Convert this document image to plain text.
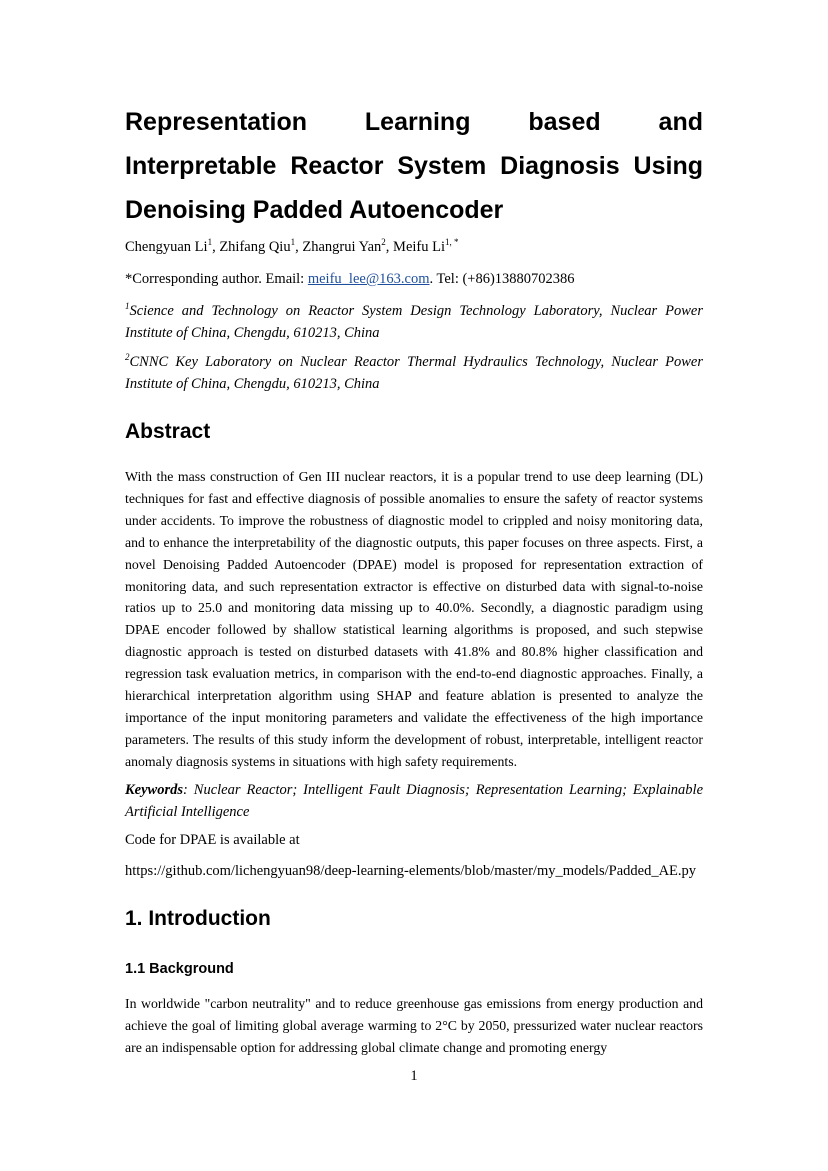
Representation Learning based and Interpretable Reactor System Diagnosis Using Denoising Padded Autoencoder
Chengyuan Li$^1$, Zhifang Qiu$^1$, Zhangrui Yan$^2$, Meifu $Li^{1, *}$
*Corresponding author. Email: meifu_lee@163.com. Tel: (+86)13880702386

$^1$Science and Technology on Reactor System Design Technology Laboratory, Nuclear Power Institute of China, Chengdu, 610213, China

$^2$CNNC Key Laboratory on Nuclear Reactor Thermal Hydraulics Technology, Nuclear Power Institute of China, Chengdu, 610213, China

Abstract

With the mass construction of Gen III nuclear reactors, it is a popular trend to use deep learning (DL) techniques for fast and effective diagnosis of possible anomalies to ensure the safety of reactor systems under accidents. To improve the robustness of diagnostic model to crippled and noisy monitoring data, and to enhance the interpretability of the diagnostic outputs, this paper focuses on three aspects. First, a novel Denoising Padded Autoencoder (DPAE) model is proposed for representation extraction of monitoring data, and such representation extractor is effective on disturbed data with signal-to-noise ratios up to 25.0 and monitoring data missing up to 40.0%. Secondly, a diagnostic paradigm using DPAE encoder followed by shallow statistical learning algorithms is proposed, and such stepwise diagnostic approach is tested on disturbed datasets with 41.8% and 80.8% higher classification and regression task evaluation metrics, in comparison with the end-to-end diagnostic approaches. Finally, a hierarchical interpretation algorithm using SHAP and feature ablation is presented to analyze the importance of the input monitoring parameters and validate the effectiveness of the high importance parameters. The results of this study inform the development of robust, interpretable, intelligent reactor anomaly diagnosis systems in situations with high safety requirements.

Keywords: Nuclear Reactor; Intelligent Fault Diagnosis; Representation Learning; Explainable Artificial Intelligence

Code for DPAE is available at
https://github.com/lichengyuan98/deep-learning-elements/blob/master/my_models/Padded_AE.py
1. Introduction
1.1 Background

In worldwide "carbon neutrality" and to reduce greenhouse gas emissions from energy production and achieve the goal of limiting global average warming to 2°C by 2050, pressurized water nuclear reactors are an indispensable option for addressing global climate change and promoting energy

1
